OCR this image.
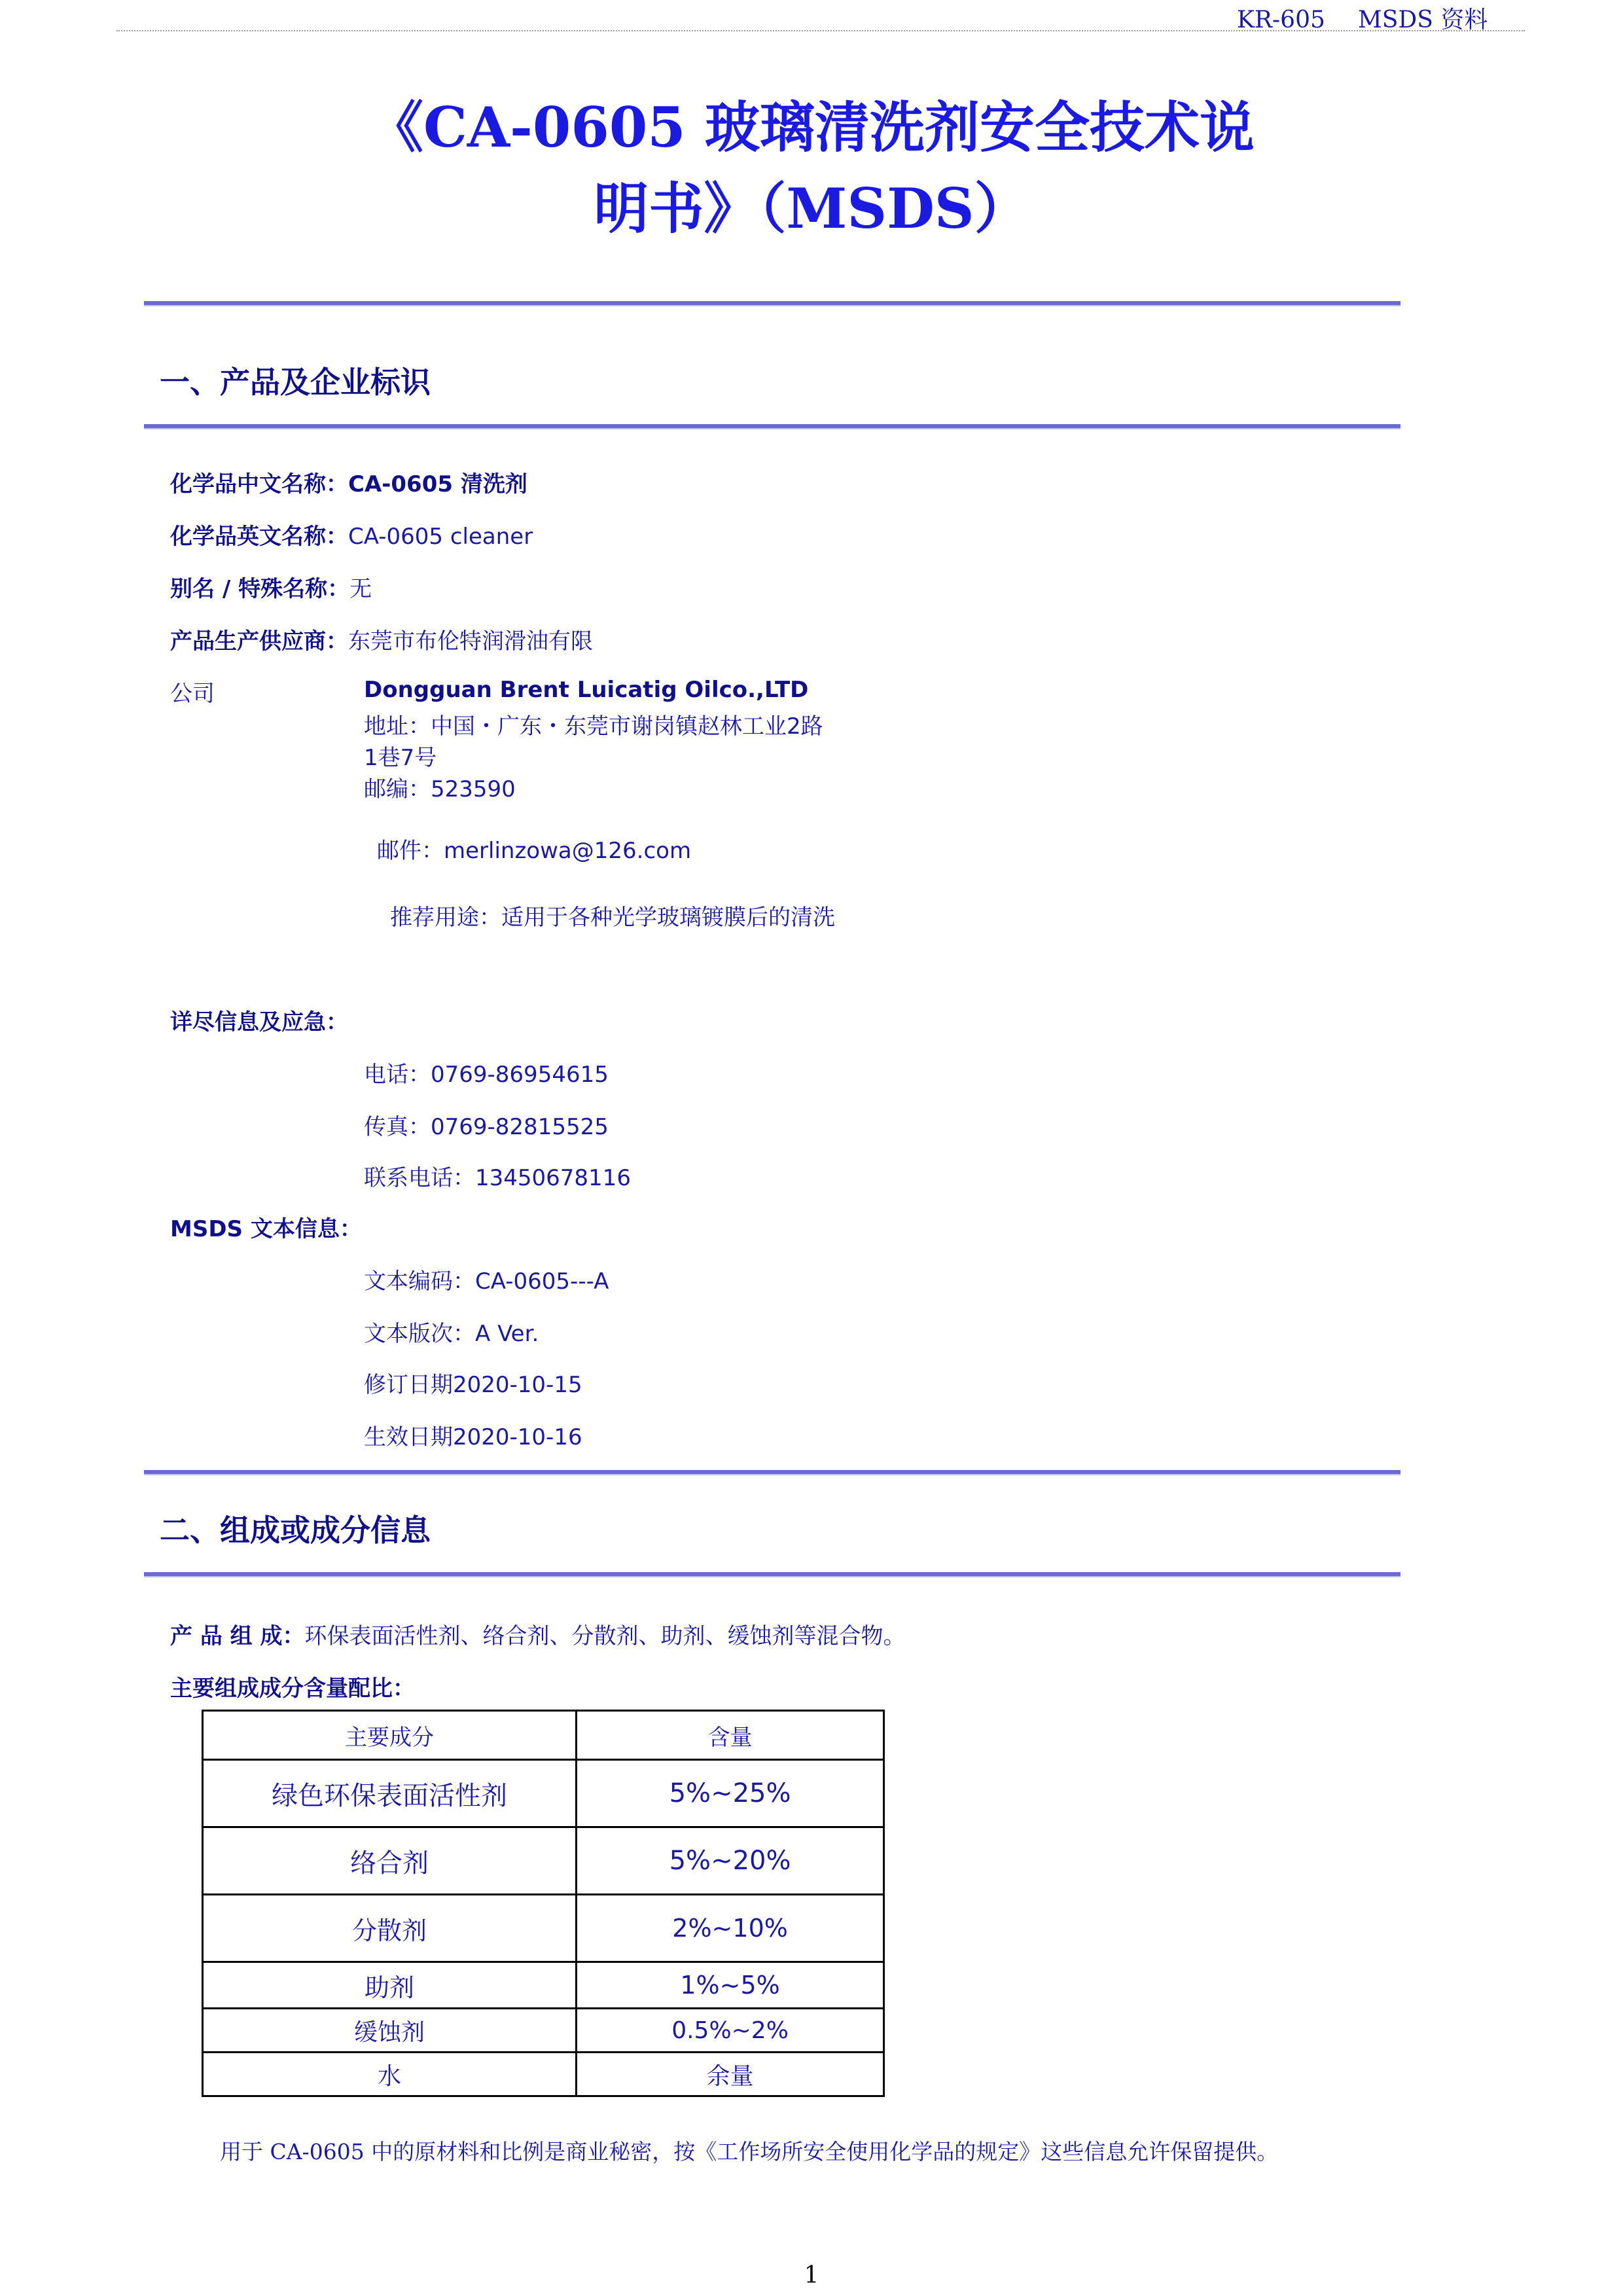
KR-605 MSDS 资料
《CA-0605 玻璃清洗剂安全技术说
明书》（MSDS）
一、产品及企业标识
化学品中文名称：CA-0605 清洗剂
化学品英文名称：CA-0605 cleaner
别名 / 特殊名称：无
产品生产供应商：东莞市布伦特润滑油有限
公司	Dongguan Brent Luicatig Oilco.,LTD
地址：中国・广东・东莞市谢岗镇赵林工业2路
1巷7号
邮编：523590
邮件：merlinzowa@126.com
推荐用途：适用于各种光学玻璃镀膜后的清洗
详尽信息及应急：
电话：0769-86954615
传真：0769-82815525
联系电话：13450678116
MSDS 文本信息：
文本编码：CA-0605---A
文本版次：A Ver.
修订日期2020-10-15
生效日期2020-10-16
二、组成或成分信息
产 品 组 成：环保表面活性剂、络合剂、分散剂、助剂、缓蚀剂等混合物。
主要组成成分含量配比：
主要成分	含量
绿色环保表面活性剂	5%~25%
络合剂	5%~20%
分散剂	2%~10%
助剂	1%~5%
缓蚀剂	0.5%~2%
水	余量
用于 CA-0605 中的原材料和比例是商业秘密，按《工作场所安全使用化学品的规定》这些信息允许保留提供。
1
